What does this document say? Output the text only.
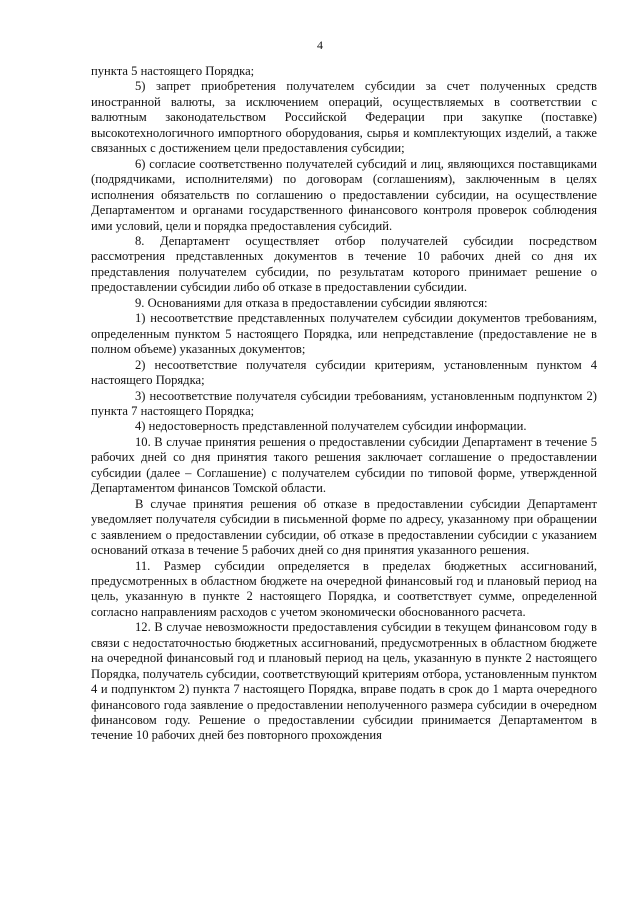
4

пункта 5 настоящего Порядка;

5) запрет приобретения получателем субсидии за счет полученных средств иностранной валюты, за исключением операций, осуществляемых в соответствии с валютным законодательством Российской Федерации при закупке (поставке) высокотехнологичного импортного оборудования, сырья и комплектующих изделий, а также связанных с достижением цели предоставления субсидии;

6) согласие соответственно получателей субсидий и лиц, являющихся поставщиками (подрядчиками, исполнителями) по договорам (соглашениям), заключенным в целях исполнения обязательств по соглашению о предоставлении субсидии, на осуществление Департаментом и органами государственного финансового контроля проверок соблюдения ими условий, цели и порядка предоставления субсидий.

8. Департамент осуществляет отбор получателей субсидии посредством рассмотрения представленных документов в течение 10 рабочих дней со дня их представления получателем субсидии, по результатам которого принимает решение о предоставлении субсидии либо об отказе в предоставлении субсидии.

9. Основаниями для отказа в предоставлении субсидии являются:

1) несоответствие представленных получателем субсидии документов требованиям, определенным пунктом 5 настоящего Порядка, или непредставление (предоставление не в полном объеме) указанных документов;

2) несоответствие получателя субсидии критериям, установленным пунктом 4 настоящего Порядка;

3) несоответствие получателя субсидии требованиям, установленным подпунктом 2) пункта 7 настоящего Порядка;

4) недостоверность представленной получателем субсидии информации.

10. В случае принятия решения о предоставлении субсидии Департамент в течение 5 рабочих дней со дня принятия такого решения заключает соглашение о предоставлении субсидии (далее – Соглашение) с получателем субсидии по типовой форме, утвержденной Департаментом финансов Томской области.

В случае принятия решения об отказе в предоставлении субсидии Департамент уведомляет получателя субсидии в письменной форме по адресу, указанному при обращении с заявлением о предоставлении субсидии, об отказе в предоставлении субсидии с указанием оснований отказа в течение 5 рабочих дней со дня принятия указанного решения.

11. Размер субсидии определяется в пределах бюджетных ассигнований, предусмотренных в областном бюджете на очередной финансовый год и плановый период на цель, указанную в пункте 2 настоящего Порядка, и соответствует сумме, определенной согласно направлениям расходов с учетом экономически обоснованного расчета.

12. В случае невозможности предоставления субсидии в текущем финансовом году в связи с недостаточностью бюджетных ассигнований, предусмотренных в областном бюджете на очередной финансовый год и плановый период на цель, указанную в пункте 2 настоящего Порядка, получатель субсидии, соответствующий критериям отбора, установленным пунктом 4 и подпунктом 2) пункта 7 настоящего Порядка, вправе подать в срок до 1 марта очередного финансового года заявление о предоставлении неполученного размера субсидии в очередном финансовом году. Решение о предоставлении субсидии принимается Департаментом в течение 10 рабочих дней без повторного прохождения
